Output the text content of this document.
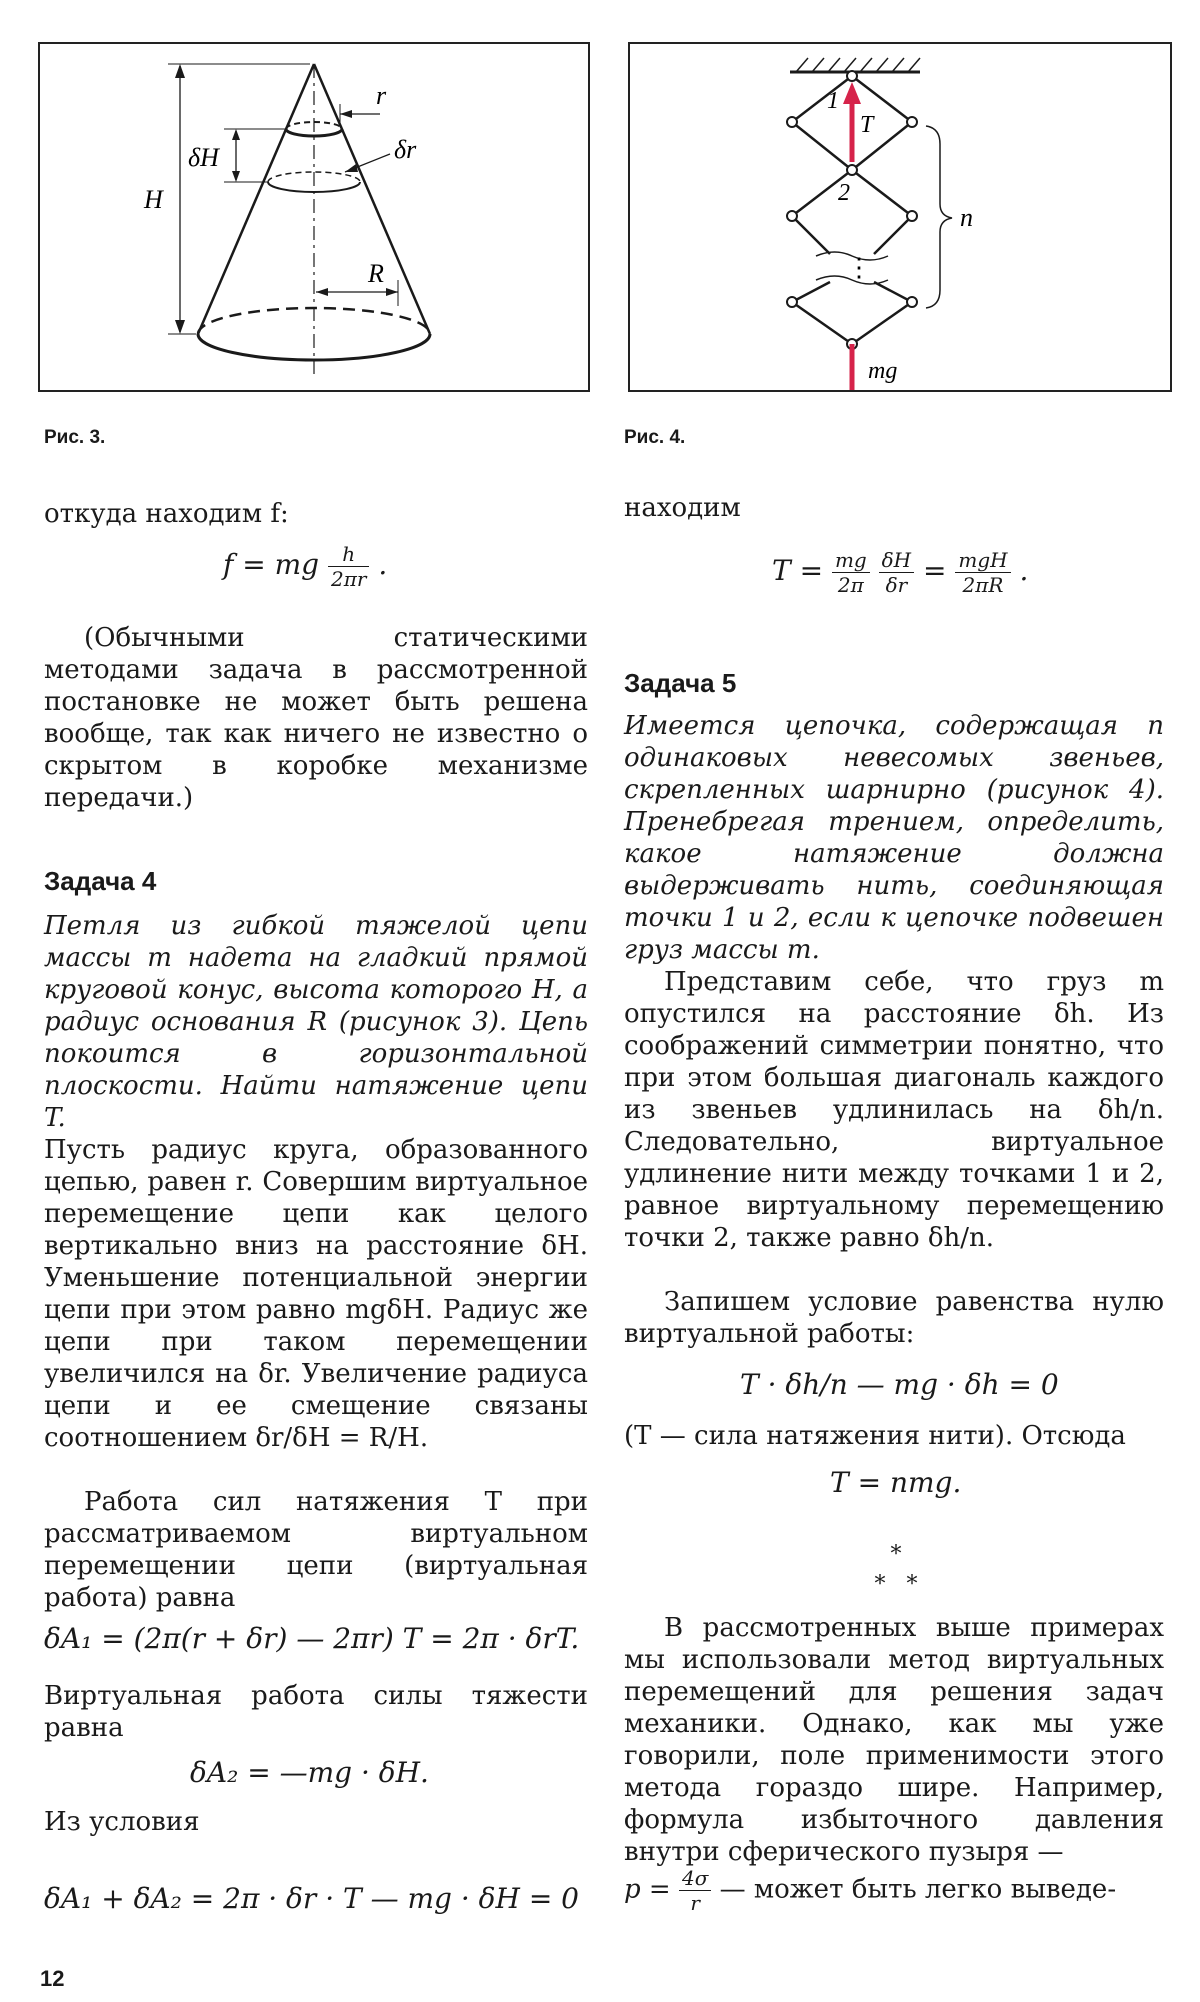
r
δr
δH
H
R
Рис. 3.
откуда находим f:
f = mg $\frac{h}{2\pi r}$ .
(Обычными статическими методами задача в рассмотренной постановке не может быть решена вообще, так как ничего не известно о скрытом в коробке механизме передачи.)
Задача 4
Петля из гибкой тяжелой цепи массы m надета на гладкий прямой круговой конус, высота которого H, а радиус основания R (рисунок 3). Цепь покоится в горизонтальной плоскости. Найти натяжение цепи T.
Пусть радиус круга, образованного цепью, равен r. Совершим виртуальное перемещение цепи как целого вертикально вниз на расстояние δH. Уменьшение потенциальной энергии цепи при этом равно mgδH. Радиус же цепи при таком перемещении увеличился на δr. Увеличение радиуса цепи и ее смещение связаны соотношением δr/δH = R/H.
Работа сил натяжения T при рассматриваемом виртуальном перемещении цепи (виртуальная работа) равна
δA₁ = (2π(r + δr) — 2πr) T = 2π · δrT.
Виртуальная работа силы тяжести равна
δA₂ = —mg · δH.
Из условия
δA₁ + δA₂ = 2π · δr · T — mg · δH = 0
⋮
1
T
2
n
mg
Рис. 4.
находим
$T = \frac{mg}{2\pi}$
$\frac{\delta H}{\delta r} = \frac{\text{mgH}}{2\pi R}$ .
Задача 5
Имеется цепочка, содержащая n одинаковых невесомых звеньев, скрепленных шарнирно (рисунок 4). Пренебрегая трением, определить, какое натяжение должна выдерживать нить, соединяющая точки 1 и 2, если к цепочке подвешен груз массы m.
Представим себе, что груз m опустился на расстояние δh. Из соображений симметрии понятно, что при этом большая диагональ каждого из звеньев удлинилась на δh/n. Следовательно, виртуальное удлинение нити между точками 1 и 2, равное виртуальному перемещению точки 2, также равно δh/n.
Запишем условие равенства нулю виртуальной работы:
T · δh/n — mg · δh = 0
(T — сила натяжения нити). Отсюда
T = nmg.
*
*   *
В рассмотренных выше примерах мы использовали метод виртуальных перемещений для решения задач механики. Однако, как мы уже говорили, поле применимости этого метода гораздо шире. Например, формула избыточного давления внутри сферического пузыря —
$p = \frac{4\sigma}{r}$ — может быть легко выведе-
12
